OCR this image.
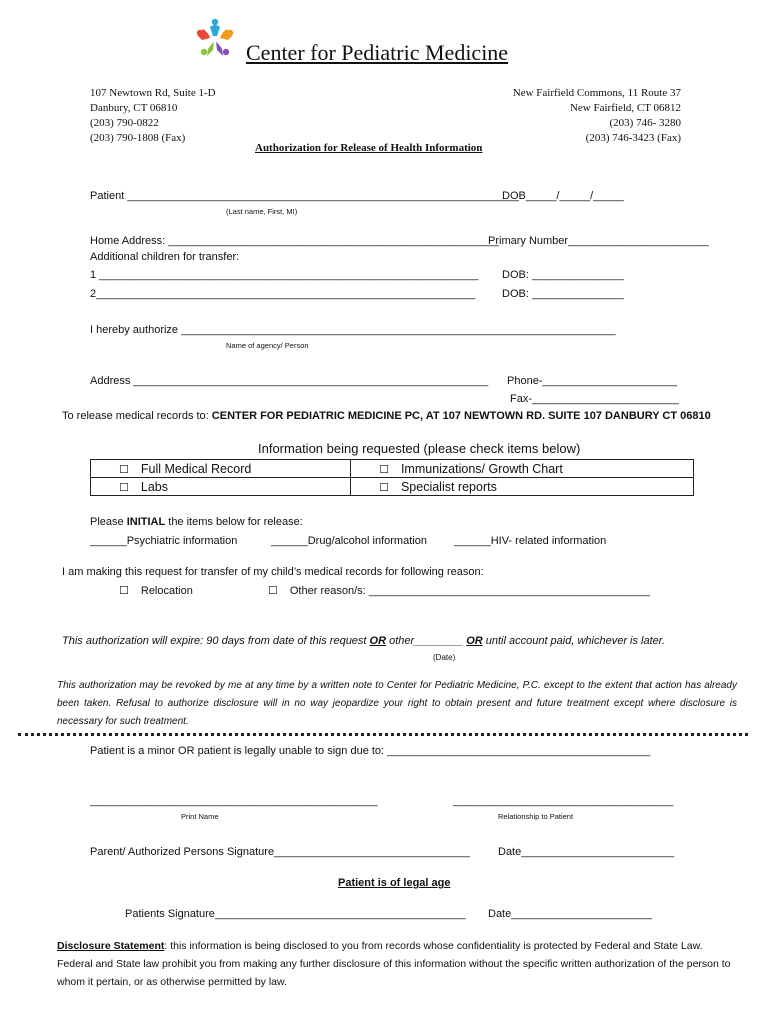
Center for Pediatric Medicine
107 Newtown Rd, Suite 1-D
Danbury, CT 06810
(203) 790-0822
(203) 790-1808 (Fax)
New Fairfield Commons, 11 Route 37
New Fairfield, CT 06812
(203) 746- 3280
(203) 746-3423 (Fax)
Authorization for Release of Health Information
Patient ________________________________________________________________
DOB_____/_____/_____
(Last name, First, MI)
Home Address: ______________________________________________________
Primary Number_______________________
Additional children for transfer:
1 ______________________________________________________________ DOB: _______________
2______________________________________________________________ DOB: _______________
I hereby authorize _______________________________________________________________________
Name of agency/ Person
Address __________________________________________________________ Phone-______________________
Fax-________________________
To release medical records to: CENTER FOR PEDIATRIC MEDICINE PC, AT 107 NEWTOWN RD. SUITE 107 DANBURY CT 06810
Information being requested (please check items below)
☐ Full Medical Record	☐ Immunizations/ Growth Chart
☐ Labs	☐ Specialist reports
Please INITIAL the items below for release:
______Psychiatric information	______Drug/alcohol information ______HIV- related information
I am making this request for transfer of my child’s medical records for following reason:
☐ Relocation	☐ Other reason/s: ______________________________________________
This authorization will expire: 90 days from date of this request OR other________ OR until account paid, whichever is later.
(Date)
This authorization may be revoked by me at any time by a written note to Center for Pediatric Medicine, P.C. except to the extent that action has already been taken. Refusal to authorize disclosure will in no way jeopardize your right to obtain present and future treatment except where disclosure is necessary for such treatment.
Patient is a minor OR patient is legally unable to sign due to: ___________________________________________
_______________________________________________
Print Name
____________________________________
Relationship to Patient
Parent/ Authorized Persons Signature________________________________	Date_________________________
Patient is of legal age
Patients Signature_________________________________________ Date_______________________
Disclosure Statement: this information is being disclosed to you from records whose confidentiality is protected by Federal and State Law. Federal and State law prohibit you from making any further disclosure of this information without the specific written authorization of the person to whom it pertain, or as otherwise permitted by law.
